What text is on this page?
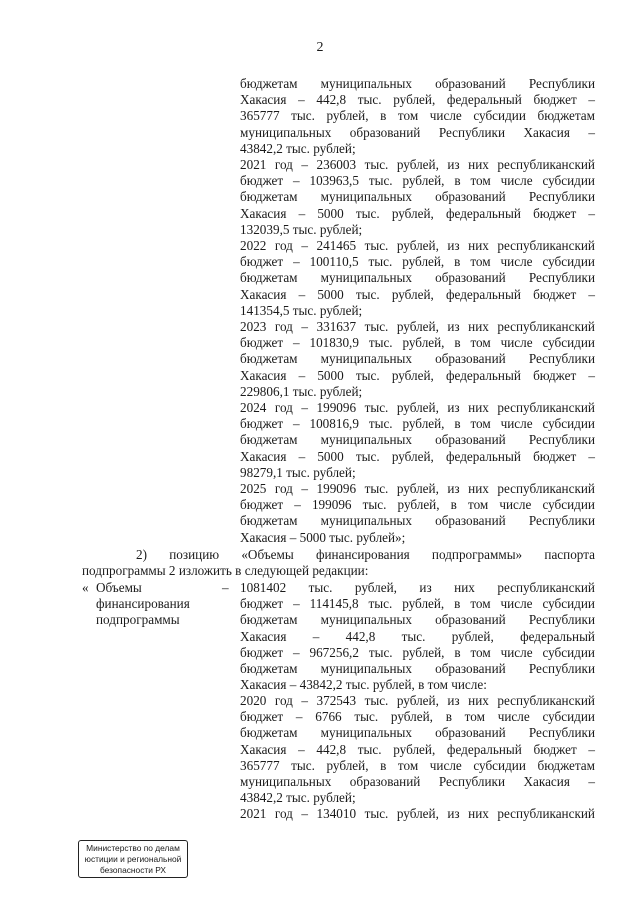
2
бюджетам муниципальных образований Республики
Хакасия – 442,8 тыс. рублей, федеральный бюджет –
365777 тыс. рублей, в том числе субсидии бюджетам
муниципальных образований Республики Хакасия –
43842,2 тыс. рублей;
2021 год – 236003 тыс. рублей, из них республиканский
бюджет – 103963,5 тыс. рублей, в том числе субсидии
бюджетам муниципальных образований Республики
Хакасия – 5000 тыс. рублей, федеральный бюджет –
132039,5 тыс. рублей;
2022 год – 241465 тыс. рублей, из них республиканский
бюджет – 100110,5 тыс. рублей, в том числе субсидии
бюджетам муниципальных образований Республики
Хакасия – 5000 тыс. рублей, федеральный бюджет –
141354,5 тыс. рублей;
2023 год – 331637 тыс. рублей, из них республиканский
бюджет – 101830,9 тыс. рублей, в том числе субсидии
бюджетам муниципальных образований Республики
Хакасия – 5000 тыс. рублей, федеральный бюджет –
229806,1 тыс. рублей;
2024 год – 199096 тыс. рублей, из них республиканский
бюджет – 100816,9 тыс. рублей, в том числе субсидии
бюджетам муниципальных образований Республики
Хакасия – 5000 тыс. рублей, федеральный бюджет –
98279,1 тыс. рублей;
2025 год – 199096 тыс. рублей, из них республиканский
бюджет – 199096 тыс. рублей, в том числе субсидии
бюджетам муниципальных образований Республики
Хакасия – 5000 тыс. рублей»;
2) позицию «Объемы финансирования подпрограммы» паспорта
подпрограммы 2 изложить в следующей редакции:
« Объемы
финансирования
подпрограммы
– 1081402 тыс. рублей, из них республиканский
бюджет – 114145,8 тыс. рублей, в том числе субсидии
бюджетам муниципальных образований Республики
Хакасия – 442,8 тыс. рублей, федеральный
бюджет – 967256,2 тыс. рублей, в том числе субсидии
бюджетам муниципальных образований Республики
Хакасия – 43842,2 тыс. рублей, в том числе:
2020 год – 372543 тыс. рублей, из них республиканский
бюджет – 6766 тыс. рублей, в том числе субсидии
бюджетам муниципальных образований Республики
Хакасия – 442,8 тыс. рублей, федеральный бюджет –
365777 тыс. рублей, в том числе субсидии бюджетам
муниципальных образований Республики Хакасия –
43842,2 тыс. рублей;
2021 год – 134010 тыс. рублей, из них республиканский
Министерство по делам
юстиции и региональной
безопасности РХ
